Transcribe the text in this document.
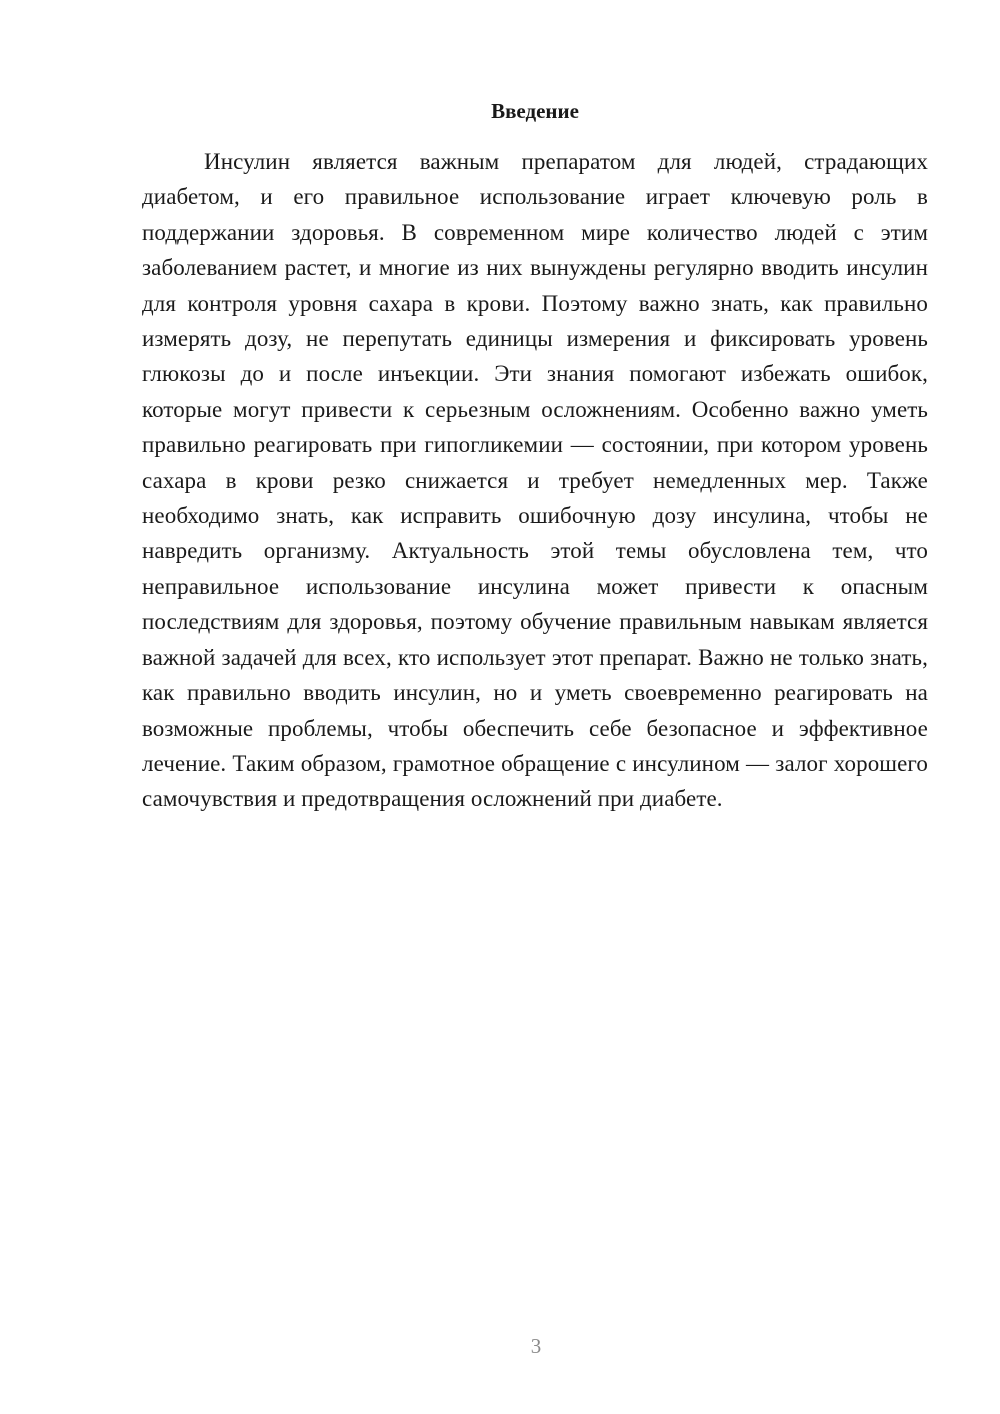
Введение

Инсулин является важным препаратом для людей, страдающих диабетом, и его правильное использование играет ключевую роль в поддержании здоровья. В современном мире количество людей с этим заболеванием растет, и многие из них вынуждены регулярно вводить инсулин для контроля уровня сахара в крови. Поэтому важно знать, как правильно измерять дозу, не перепутать единицы измерения и фиксировать уровень глюкозы до и после инъекции. Эти знания помогают избежать ошибок, которые могут привести к серьезным осложнениям. Особенно важно уметь правильно реагировать при гипогликемии — состоянии, при котором уровень сахара в крови резко снижается и требует немедленных мер. Также необходимо знать, как исправить ошибочную дозу инсулина, чтобы не навредить организму. Актуальность этой темы обусловлена тем, что неправильное использование инсулина может привести к опасным последствиям для здоровья, поэтому обучение правильным навыкам является важной задачей для всех, кто использует этот препарат. Важно не только знать, как правильно вводить инсулин, но и уметь своевременно реагировать на возможные проблемы, чтобы обеспечить себе безопасное и эффективное лечение. Таким образом, грамотное обращение с инсулином — залог хорошего самочувствия и предотвращения осложнений при диабете.

3
